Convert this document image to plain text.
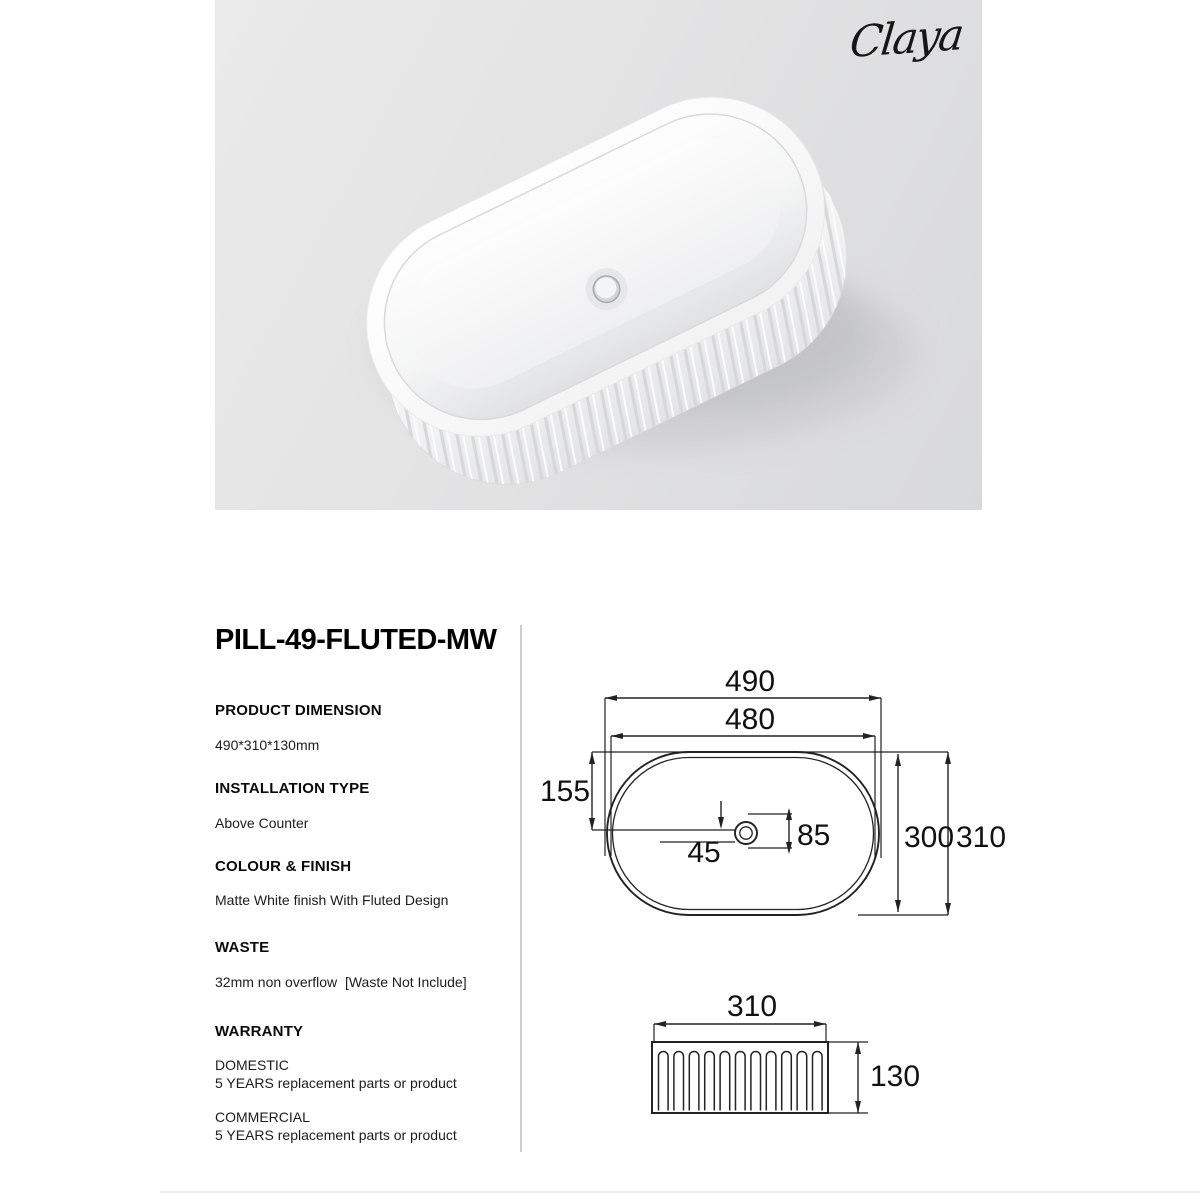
Claya
PILL-49-FLUTED-MW
PRODUCT DIMENSION
490*310*130mm
INSTALLATION TYPE
Above Counter
COLOUR & FINISH
Matte White finish With Fluted Design
WASTE
32mm non overflow  [Waste Not Include]
WARRANTY
DOMESTIC
5 YEARS replacement parts or product
COMMERCIAL
5 YEARS replacement parts or product
490
480
155
45
85 300 310
310
130
